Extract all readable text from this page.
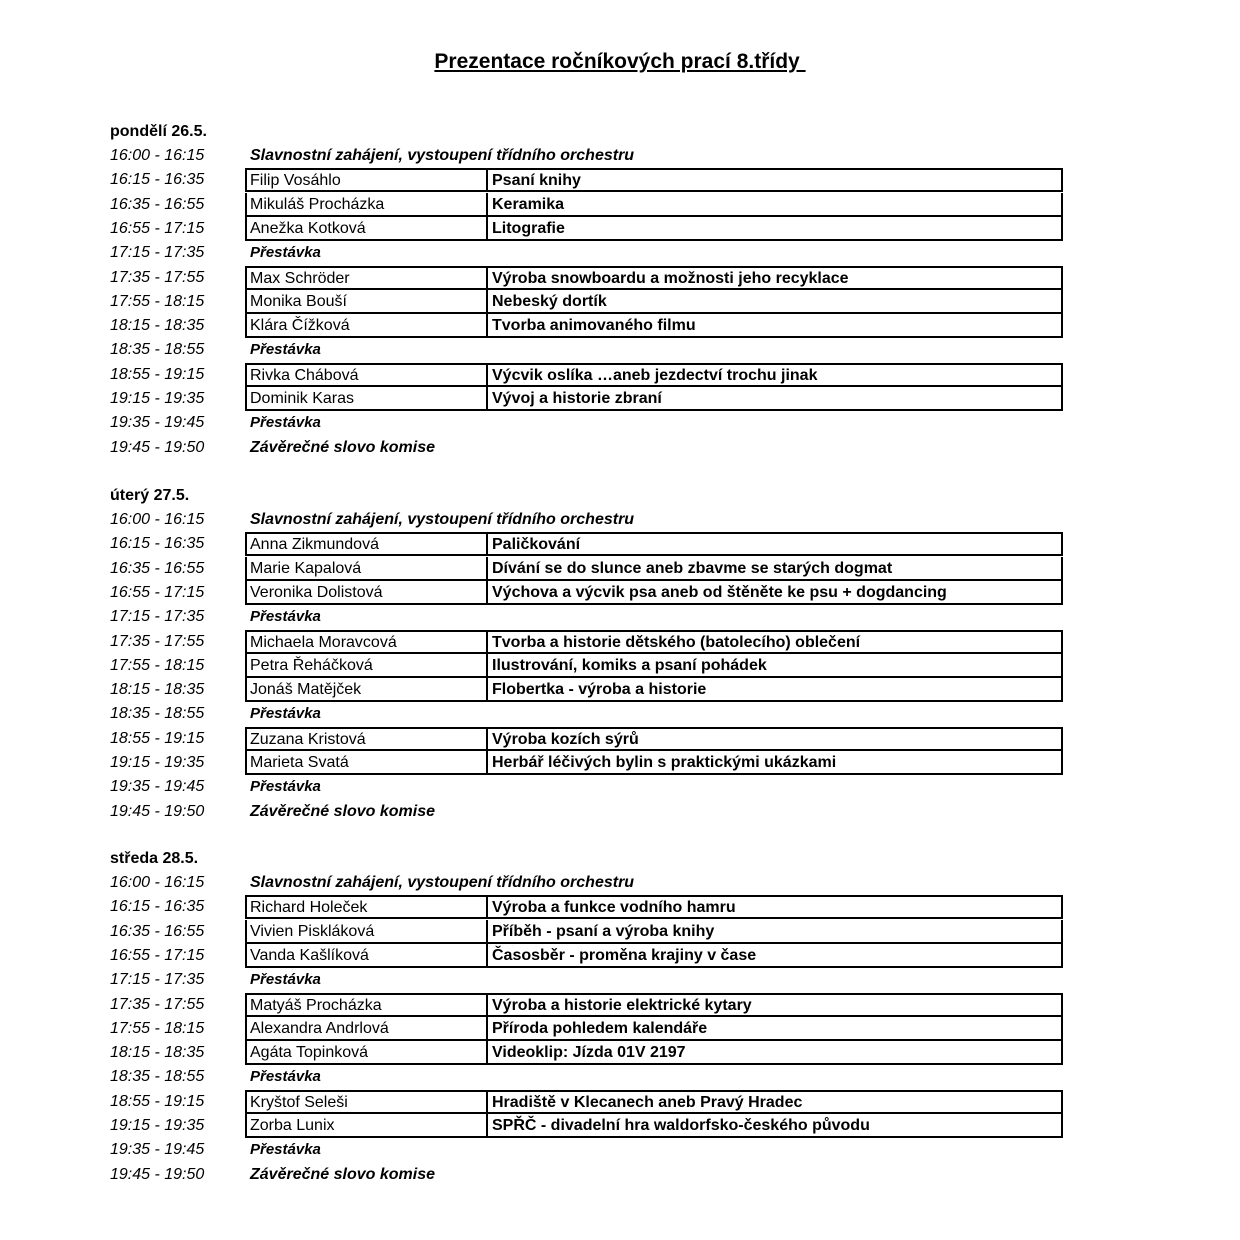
Prezentace ročníkových prací 8.třídy
pondělí 26.5.
16:00 - 16:15	Slavnostní zahájení, vystoupení třídního orchestru
16:15 - 16:35	Filip Vosáhlo	Psaní knihy
16:35 - 16:55	Mikuláš Procházka	Keramika
16:55 - 17:15	Anežka Kotková	Litografie
17:15 - 17:35	Přestávka
17:35 - 17:55	Max Schröder	Výroba snowboardu a možnosti jeho recyklace
17:55 - 18:15	Monika Bouší	Nebeský dortík
18:15 - 18:35	Klára Čížková	Tvorba animovaného filmu
18:35 - 18:55	Přestávka
18:55 - 19:15	Rivka Chábová	Výcvik oslíka …aneb jezdectví trochu jinak
19:15 - 19:35	Dominik Karas	Vývoj a historie zbraní
19:35 - 19:45	Přestávka
19:45 - 19:50	Závěrečné slovo komise
úterý 27.5.
16:00 - 16:15	Slavnostní zahájení, vystoupení třídního orchestru
16:15 - 16:35	Anna Zikmundová	Paličkování
16:35 - 16:55	Marie Kapalová	Dívání se do slunce aneb zbavme se starých dogmat
16:55 - 17:15	Veronika Dolistová	Výchova a výcvik psa aneb od štěněte ke psu + dogdancing
17:15 - 17:35	Přestávka
17:35 - 17:55	Michaela Moravcová	Tvorba a historie dětského (batolecího) oblečení
17:55 - 18:15	Petra Řeháčková	Ilustrování, komiks a psaní pohádek
18:15 - 18:35	Jonáš Matějček	Flobertka - výroba a historie
18:35 - 18:55	Přestávka
18:55 - 19:15	Zuzana Kristová	Výroba kozích sýrů
19:15 - 19:35	Marieta Svatá	Herbář léčivých bylin s praktickými ukázkami
19:35 - 19:45	Přestávka
19:45 - 19:50	Závěrečné slovo komise
středa 28.5.
16:00 - 16:15	Slavnostní zahájení, vystoupení třídního orchestru
16:15 - 16:35	Richard Holeček	Výroba a funkce vodního hamru
16:35 - 16:55	Vivien Piskláková	Příběh - psaní a výroba knihy
16:55 - 17:15	Vanda Kašlíková	Časosběr - proměna krajiny v čase
17:15 - 17:35	Přestávka
17:35 - 17:55	Matyáš Procházka	Výroba a historie elektrické kytary
17:55 - 18:15	Alexandra Andrlová	Příroda pohledem kalendáře
18:15 - 18:35	Agáta Topinková	Videoklip: Jízda 01V 2197
18:35 - 18:55	Přestávka
18:55 - 19:15	Kryštof Seleši	Hradiště v Klecanech aneb Pravý Hradec
19:15 - 19:35	Zorba Lunix	SPŘČ - divadelní hra waldorfsko-českého původu
19:35 - 19:45	Přestávka
19:45 - 19:50	Závěrečné slovo komise
